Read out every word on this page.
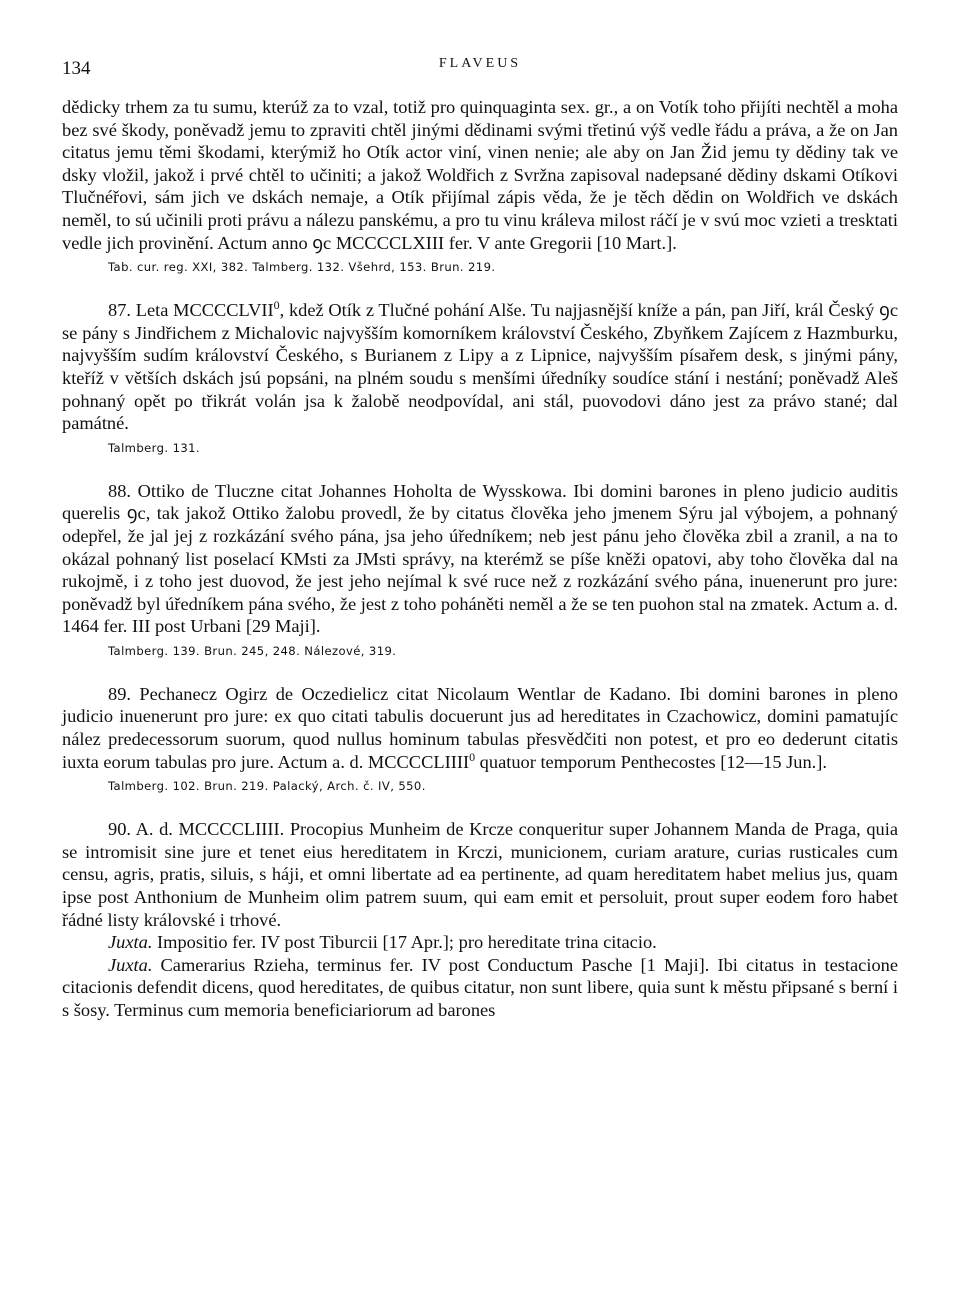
134	FLAVEUS

dědicky trhem za tu sumu, kterúž za to vzal, totiž pro quinquaginta sex. gr., a on Votík toho přijíti nechtěl a moha bez své škody, poněvadž jemu to zpraviti chtěl jinými dědinami svými třetinú výš vedle řádu a práva, a že on Jan citatus jemu těmi škodami, kterýmiž ho Otík actor viní, vinen nenie; ale aby on Jan Žid jemu ty dědiny tak ve dsky vložil, jakož i prvé chtěl to učiniti; a jakož Woldřich z Svržna zapisoval nadepsané dědiny dskami Otíkovi Tlučnéřovi, sám jich ve dskách nemaje, a Otík přijímal zápis věda, že je těch dědin on Woldřich ve dskách neměl, to sú učinili proti právu a nálezu panskému, a pro tu vinu králeva milost ráčí je v svú moc vzieti a tresktati vedle jich provinění. Actum anno ꝯc MCCCCLXIII fer. V ante Gregorii [10 Mart.].

Tab. cur. reg. XXI, 382. Talmberg. 132. Všehrd, 153. Brun. 219.

87. Leta MCCCCLVII$^0$, kdež Otík z Tlučné pohání Alše. Tu najjasnější kníže a pán, pan Jiří, král Český ꝯc se pány s Jindřichem z Michalovic najvyšším komorníkem království Českého, Zbyňkem Zajícem z Hazmburku, najvyšším sudím království Českého, s Burianem z Lipy a z Lipnice, najvyšším písařem desk, s jinými pány, kteříž v větších dskách jsú popsáni, na plném soudu s menšími úředníky soudíce stání i nestání; poněvadž Aleš pohnaný opět po třikrát volán jsa k žalobě neodpovídal, ani stál, puovodovi dáno jest za právo stané; dal památné.

Talmberg. 131.

88. Ottiko de Tlucznе citat Johannes Hoholta de Wysskowa. Ibi domini barones in pleno judicio auditis querelis ꝯc, tak jakož Ottiko žalobu provedl, že by citatus člověka jeho jmenem Sýru jal výbojem, a pohnaný odepřel, že jal jej z rozkázání svého pána, jsa jeho úředníkem; neb jest pánu jeho člověka zbil a zranil, a na to okázal pohnaný list poselací KMsti za JMsti správy, na kterémž se píše kněži opatovi, aby toho člověka dal na rukojmě, i z toho jest duovod, že jest jeho nejímal k své ruce než z rozkázání svého pána, inuenerunt pro jure: poněvadž byl úředníkem pána svého, že jest z toho poháněti neměl a že se ten puohon stal na zmatek. Actum a. d. 1464 fer. III post Urbani [29 Maji].

Talmberg. 139. Brun. 245, 248. Nálezové, 319.

89. Pechanecz Ogirz de Oczedielicz citat Nicolaum Wentlar de Kadano. Ibi domini barones in pleno judicio inuenerunt pro jure: ex quo citati tabulis docuerunt jus ad hereditates in Czachowicz, domini pamatujíc nález predecessorum suorum, quod nullus hominum tabulas přesvědčiti non potest, et pro eo dederunt citatis iuxta eorum tabulas pro jure. Actum a. d. MCCCCLIIII$^0$ quatuor temporum Penthecostes [12—15 Jun.].

Talmberg. 102. Brun. 219. Palacký, Arch. č. IV, 550.

90. A. d. MCCCCLIIII. Procopius Munheim de Krcze conqueritur super Johannem Manda de Praga, quia se intromisit sine jure et tenet eius hereditatem in Krczi, municionem, curiam arature, curias rusticales cum censu, agris, pratis, siluis, s háji, et omni libertate ad ea pertinente, ad quam hereditatem habet melius jus, quam ipse post Anthonium de Munheim olim patrem suum, qui eam emit et persoluit, prout super eodem foro habet řádné listy královské i trhové.

Juxta. Impositio fer. IV post Tiburcii [17 Apr.]; pro hereditate trina citacio.

Juxta. Camerarius Rzieha, terminus fer. IV post Conductum Pasche [1 Maji]. Ibi citatus in testacione citacionis defendit dicens, quod hereditates, de quibus citatur, non sunt libere, quia sunt k městu připsané s berní i s šosy. Terminus cum memoria beneficiariorum ad barones
